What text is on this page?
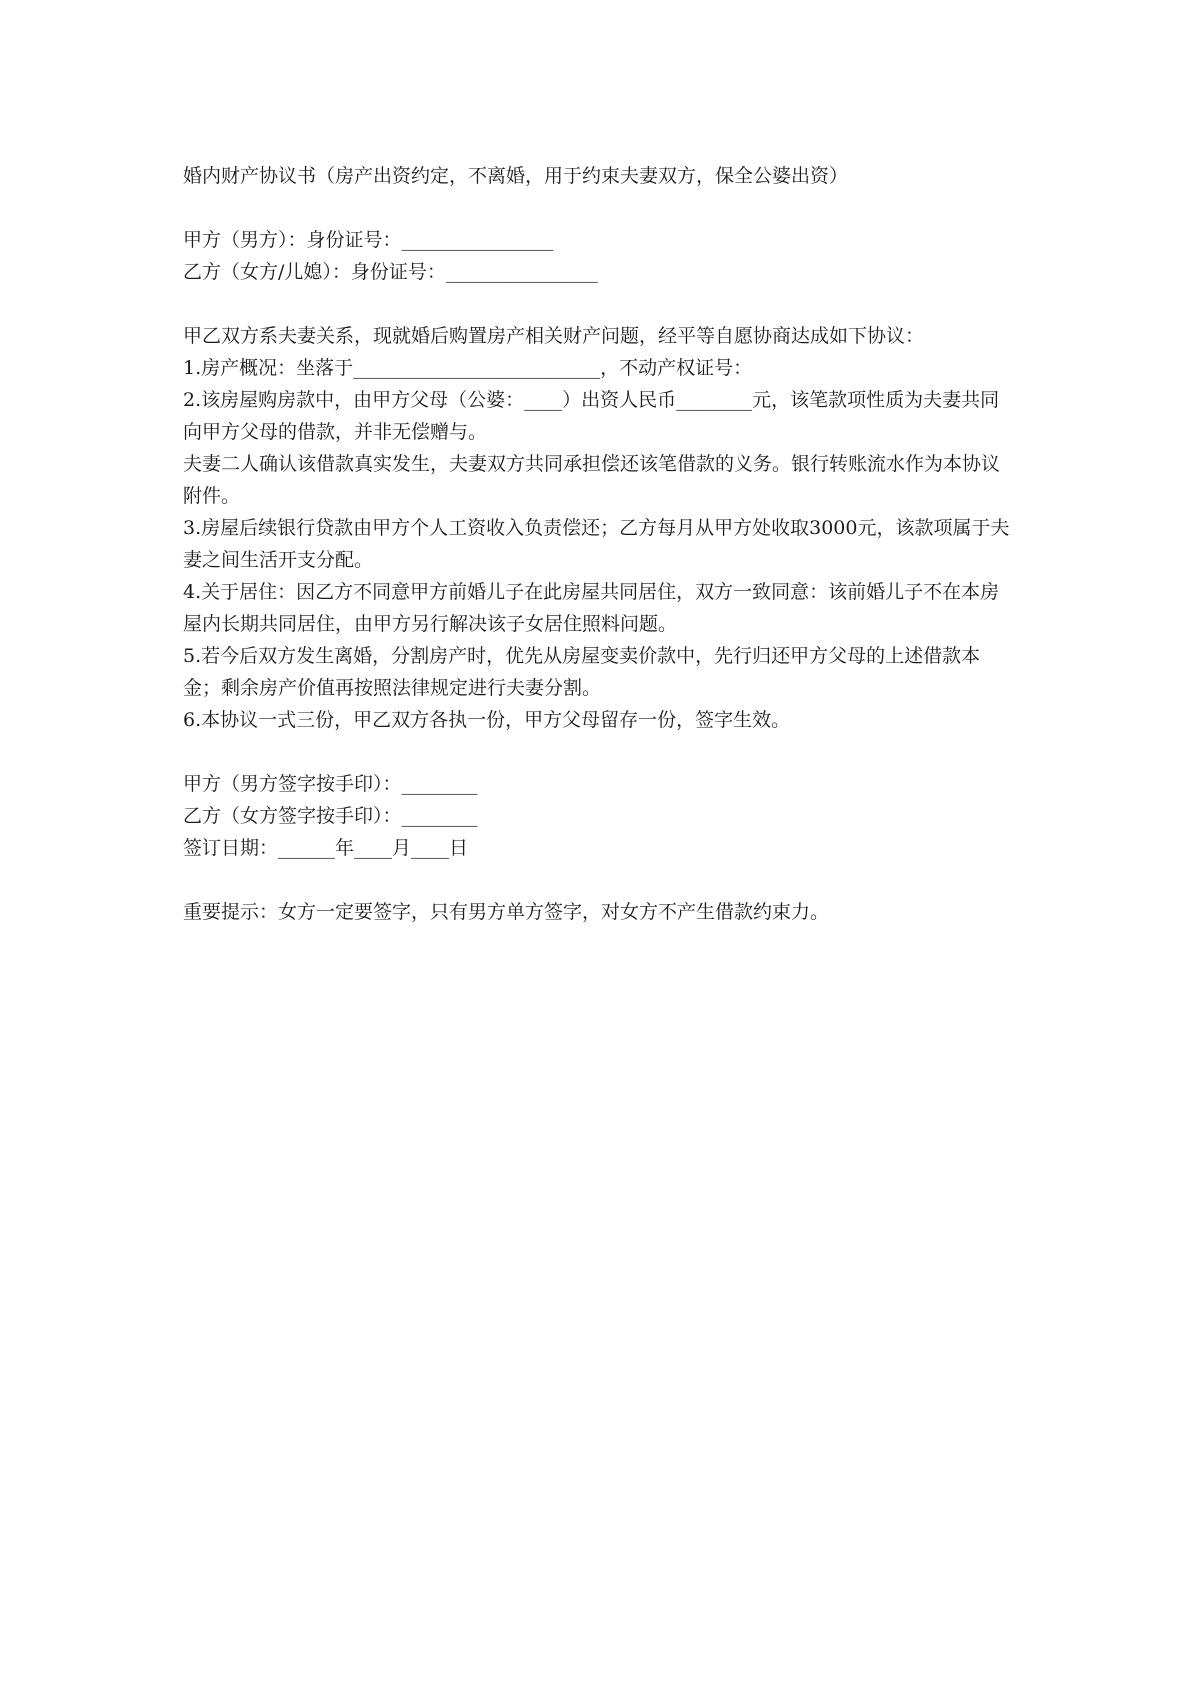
婚内财产协议书（房产出资约定，不离婚，用于约束夫妻双方，保全公婆出资）

甲方（男方）：身份证号：________________

乙方（女方/儿媳）：身份证号：________________

甲乙双方系夫妻关系，现就婚后购置房产相关财产问题，经平等自愿协商达成如下协议：

1.房产概况：坐落于__________________________，不动产权证号：

2.该房屋购房款中，由甲方父母（公婆：____）出资人民币________元，该笔款项性质为夫妻共同向甲方父母的借款，并非无偿赠与。

夫妻二人确认该借款真实发生，夫妻双方共同承担偿还该笔借款的义务。银行转账流水作为本协议附件。

3.房屋后续银行贷款由甲方个人工资收入负责偿还；乙方每月从甲方处收取3000元，该款项属于夫妻之间生活开支分配。

4.关于居住：因乙方不同意甲方前婚儿子在此房屋共同居住，双方一致同意：该前婚儿子不在本房屋内长期共同居住，由甲方另行解决该子女居住照料问题。

5.若今后双方发生离婚，分割房产时，优先从房屋变卖价款中，先行归还甲方父母的上述借款本金；剩余房产价值再按照法律规定进行夫妻分割。

6.本协议一式三份，甲乙双方各执一份，甲方父母留存一份，签字生效。

甲方（男方签字按手印）：________

乙方（女方签字按手印）：________

签订日期：______年____月____日

重要提示：女方一定要签字，只有男方单方签字，对女方不产生借款约束力。
